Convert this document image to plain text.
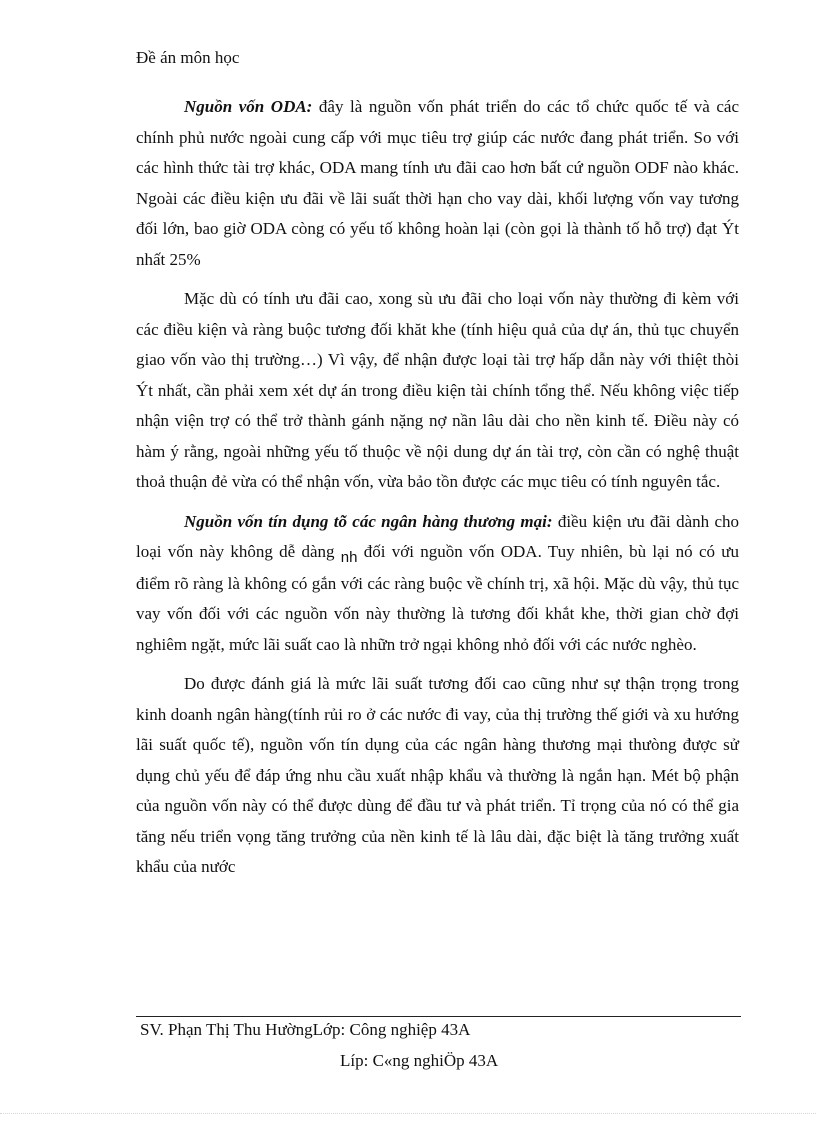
Đề án môn học

Nguồn vốn ODA: đây là nguồn vốn phát triển do các tổ chức quốc tế và các chính phủ nước ngoài cung cấp với mục tiêu trợ giúp các nước đang phát triển. So với các hình thức tài trợ khác, ODA mang tính ưu đãi cao hơn bất cứ nguồn ODF nào khác. Ngoài các điều kiện ưu đãi về lãi suất thời hạn cho vay dài, khối lượng vốn vay tương đối lớn, bao giờ ODA còng có yếu tố không hoàn lại (còn gọi là thành tố hỗ trợ) đạt Ýt nhất 25%

Mặc dù có tính ưu đãi cao, xong sù ưu đãi cho loại vốn này thường đi kèm với các điều kiện và ràng buộc tương đối khăt khe (tính hiệu quả của dự án, thủ tục chuyển giao vốn vào thị trường…) Vì vậy, để nhận được loại tài trợ hấp dẫn này với thiệt thòi Ýt nhất, cần phải xem xét dự án trong điều kiện tài chính tổng thể. Nếu không việc tiếp nhận viện trợ có thể trở thành gánh nặng nợ nần lâu dài cho nền kinh tế. Điều này có hàm ý rằng, ngoài những yếu tố thuộc về nội dung dự án tài trợ, còn cần có nghệ thuật thoả thuận đẻ vừa có thể nhận vốn, vừa bảo tồn được các mục tiêu có tính nguyên tắc.

Nguồn vốn tín dụng tõ các ngân hàng thương mại: điều kiện ưu đãi dành cho loại vốn này không dễ dàng nh đối với nguồn vốn ODA. Tuy nhiên, bù lại nó có ưu điểm rõ ràng là không có gắn với các ràng buộc về chính trị, xã hội. Mặc dù vậy, thủ tục vay vốn đối với các nguồn vốn này thường là tương đối khắt khe, thời gian chờ đợi nghiêm ngặt, mức lãi suất cao là nhữn trở ngại không nhỏ đối với các nước nghèo.

Do được đánh giá là mức lãi suất tương đối cao cũng như sự thận trọng trong kinh doanh ngân hàng(tính rủi ro ở các nước đi vay, của thị trường thế giới và xu hướng lãi suất quốc tế), nguồn vốn tín dụng của các ngân hàng thương mại thưòng được sử dụng chủ yếu để đáp ứng nhu cầu xuất nhập khẩu và thường là ngắn hạn. Mét bộ phận của nguồn vốn này có thể được dùng để đầu tư và phát triển. Tỉ trọng của nó có thể gia tăng nếu triển vọng tăng trưởng của nền kinh tế là lâu dài, đặc biệt là tăng trưởng xuất khẩu của nước

SV. Phạn Thị Thu HườngLớp: Công nghiệp 43A
Líp: C«ng nghiÖp 43A
